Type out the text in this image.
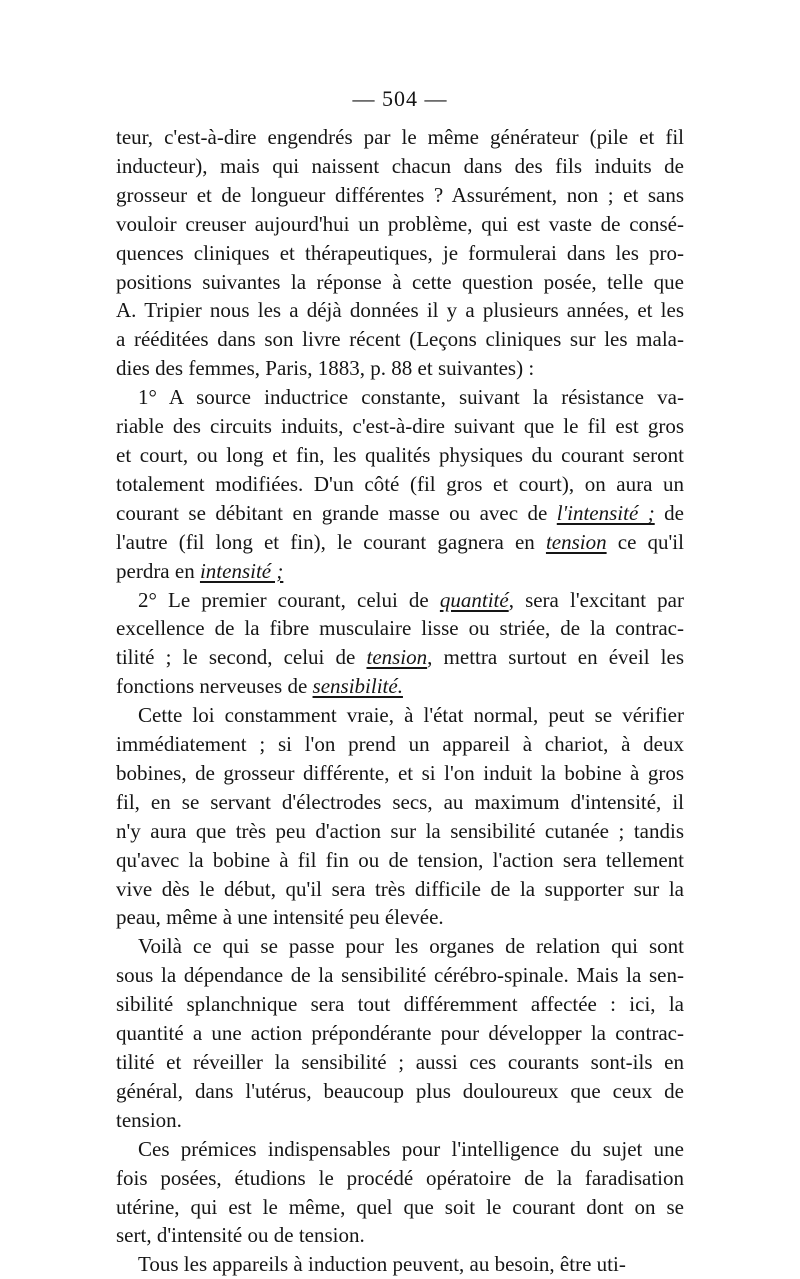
— 504 —
teur, c'est-à-dire engendrés par le même générateur (pile et fil
inducteur), mais qui naissent chacun dans des fils induits de
grosseur et de longueur différentes ? Assurément, non ; et sans
vouloir creuser aujourd'hui un problème, qui est vaste de consé-
quences cliniques et thérapeutiques, je formulerai dans les pro-
positions suivantes la réponse à cette question posée, telle que
A. Tripier nous les a déjà données il y a plusieurs années, et les
a rééditées dans son livre récent (Leçons cliniques sur les mala-
dies des femmes, Paris, 1883, p. 88 et suivantes) :
1° A source inductrice constante, suivant la résistance va-
riable des circuits induits, c'est-à-dire suivant que le fil est gros
et court, ou long et fin, les qualités physiques du courant seront
totalement modifiées. D'un côté (fil gros et court), on aura un
courant se débitant en grande masse ou avec de l'intensité ; de
l'autre (fil long et fin), le courant gagnera en tension ce qu'il
perdra en intensité ;
2° Le premier courant, celui de quantité, sera l'excitant par
excellence de la fibre musculaire lisse ou striée, de la contrac-
tilité ; le second, celui de tension, mettra surtout en éveil les
fonctions nerveuses de sensibilité.
Cette loi constamment vraie, à l'état normal, peut se vérifier
immédiatement ; si l'on prend un appareil à chariot, à deux
bobines, de grosseur différente, et si l'on induit la bobine à gros
fil, en se servant d'électrodes secs, au maximum d'intensité, il
n'y aura que très peu d'action sur la sensibilité cutanée ; tandis
qu'avec la bobine à fil fin ou de tension, l'action sera tellement
vive dès le début, qu'il sera très difficile de la supporter sur la
peau, même à une intensité peu élevée.
Voilà ce qui se passe pour les organes de relation qui sont
sous la dépendance de la sensibilité cérébro-spinale. Mais la sen-
sibilité splanchnique sera tout différemment affectée : ici, la
quantité a une action prépondérante pour développer la contrac-
tilité et réveiller la sensibilité ; aussi ces courants sont-ils en
général, dans l'utérus, beaucoup plus douloureux que ceux de
tension.
Ces prémices indispensables pour l'intelligence du sujet une
fois posées, étudions le procédé opératoire de la faradisation
utérine, qui est le même, quel que soit le courant dont on se
sert, d'intensité ou de tension.
Tous les appareils à induction peuvent, au besoin, être uti-
